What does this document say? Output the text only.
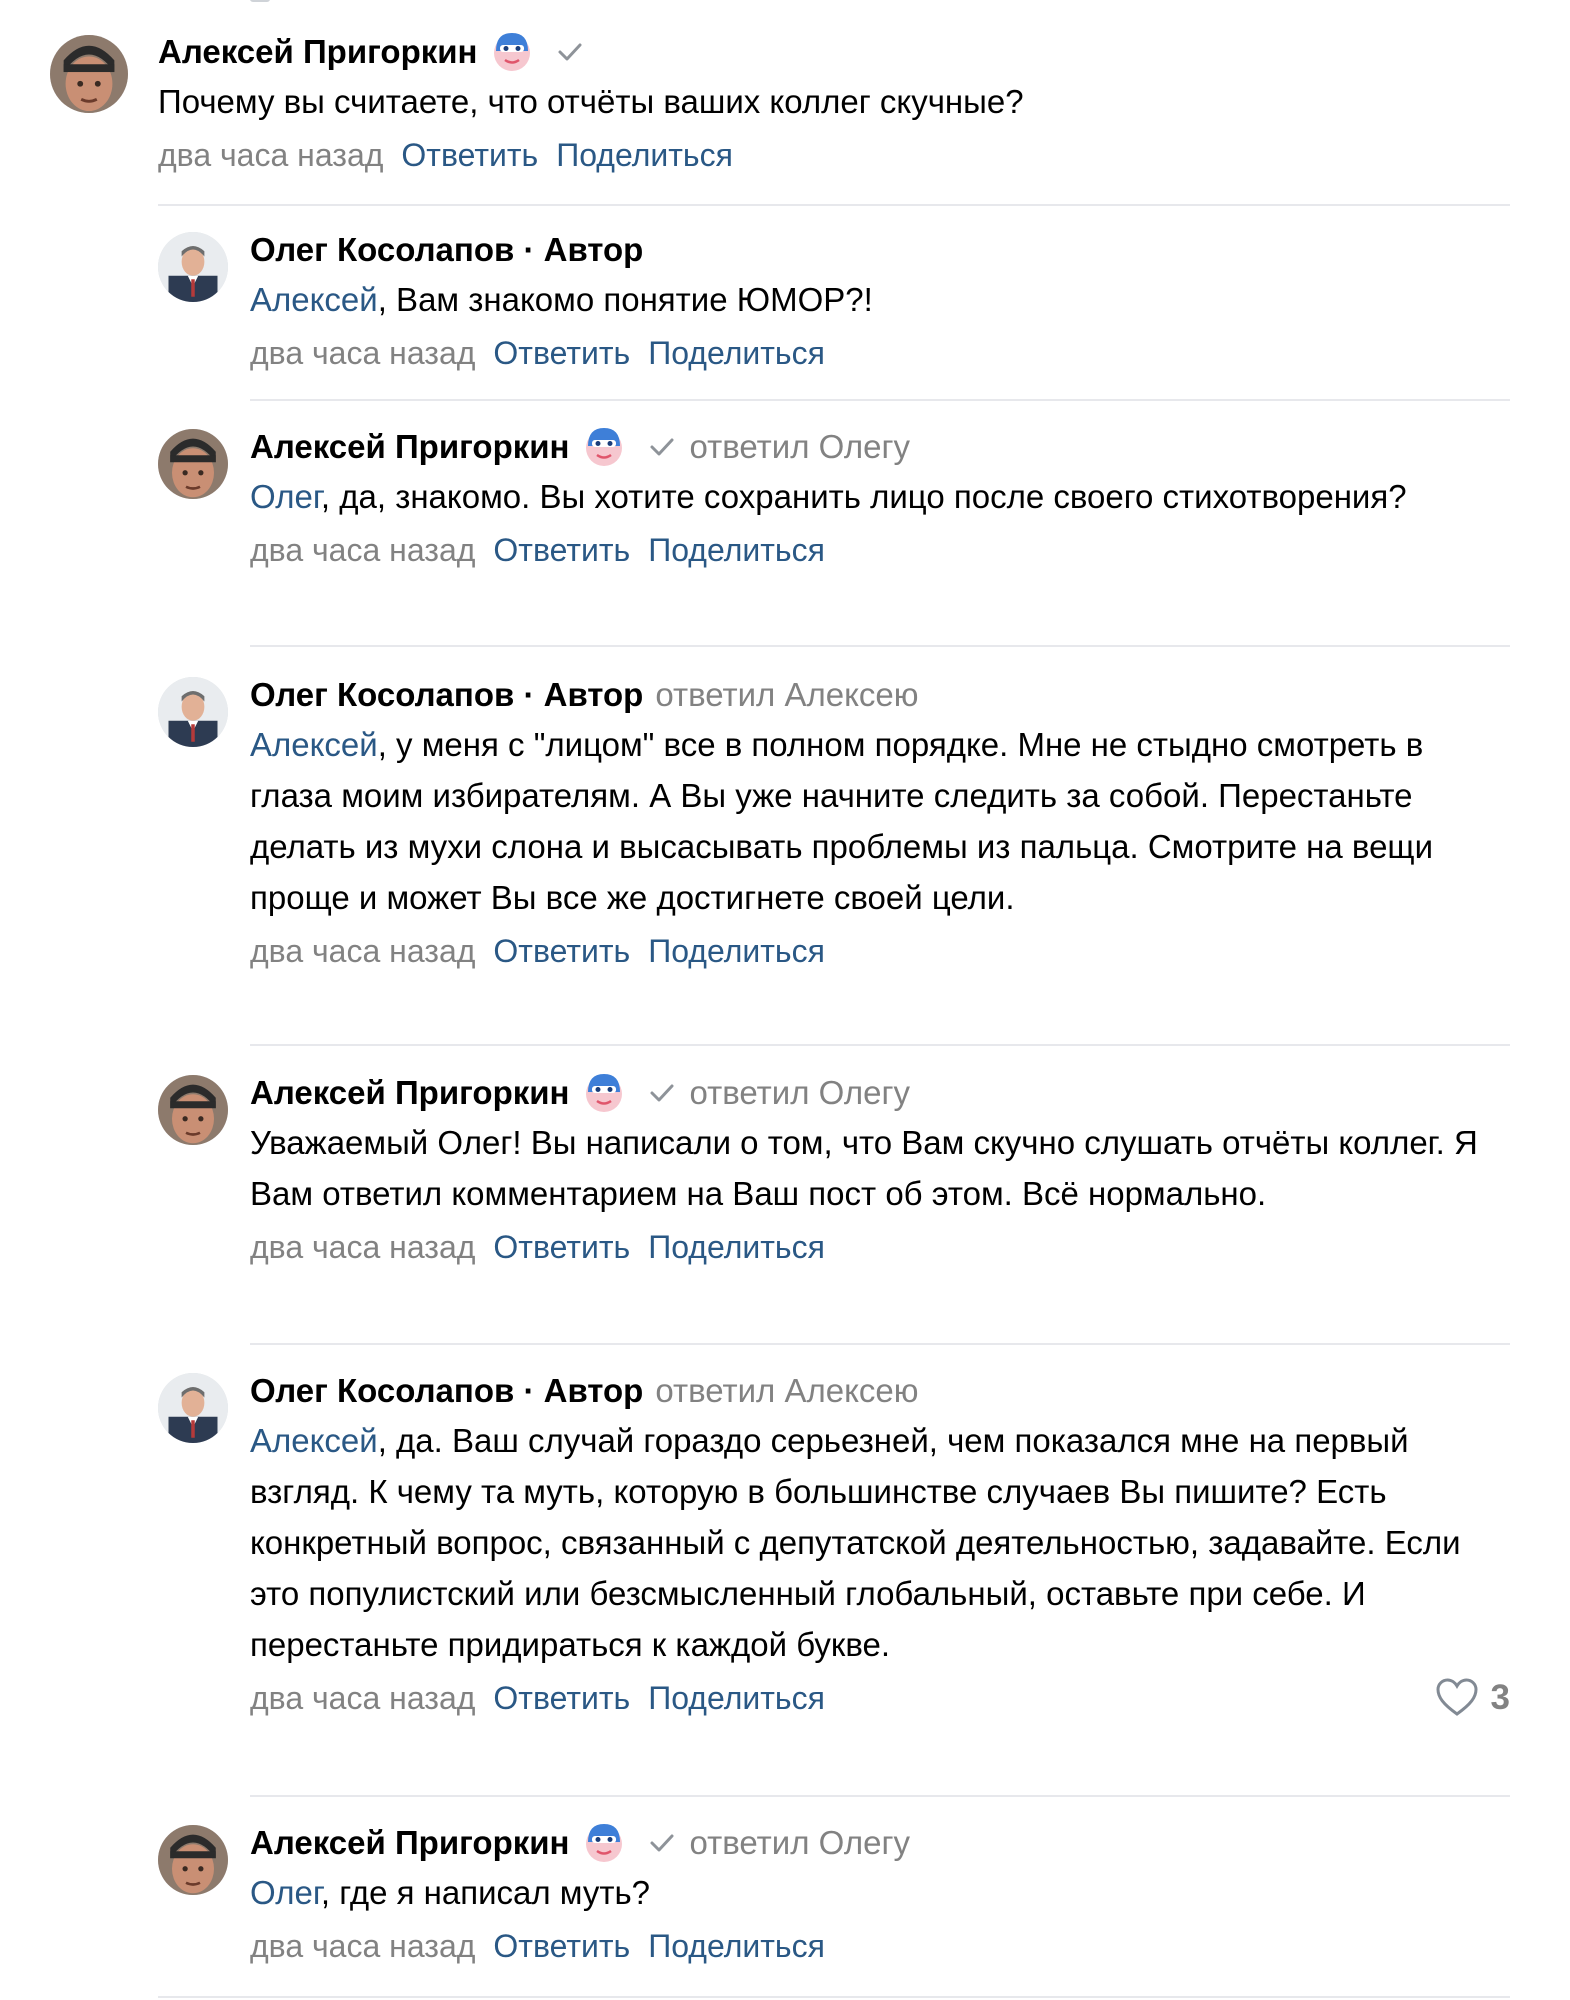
Алексей Пригоркин
Почему вы считаете, что отчёты ваших коллег скучные?
два часа назад Ответить Поделиться
Олег Косолапов · Автор
Алексей, Вам знакомо понятие ЮМОР?!
два часа назад Ответить Поделиться
Алексей Пригоркин	ответил Олегу
Олег, да, знакомо. Вы хотите сохранить лицо после своего стихотворения?
два часа назад Ответить Поделиться
Олег Косолапов · Автор ответил Алексею
Алексей, у меня с "лицом" все в полном порядке. Мне не стыдно смотреть в глаза моим избирателям. А Вы уже начните следить за собой. Перестаньте делать из мухи слона и высасывать проблемы из пальца. Смотрите на вещи проще и может Вы все же достигнете своей цели.
два часа назад Ответить Поделиться
Алексей Пригоркин	ответил Олегу
Уважаемый Олег! Вы написали о том, что Вам скучно слушать отчёты коллег. Я Вам ответил комментарием на Ваш пост об этом. Всё нормально.
два часа назад Ответить Поделиться
Олег Косолапов · Автор ответил Алексею
Алексей, да. Ваш случай гораздо серьезней, чем показался мне на первый взгляд. К чему та муть, которую в большинстве случаев Вы пишите? Есть конкретный вопрос, связанный с депутатской деятельностью, задавайте. Если это популистский или безсмысленный глобальный, оставьте при себе. И перестаньте придираться к каждой букве.
два часа назад Ответить Поделиться	3
Алексей Пригоркин	ответил Олегу
Олег, где я написал муть?
два часа назад Ответить Поделиться
